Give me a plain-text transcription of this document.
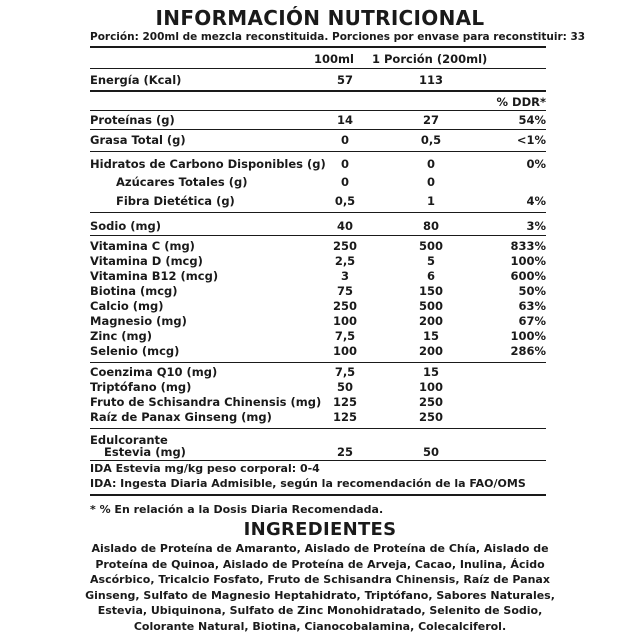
INFORMACIÓN NUTRICIONAL
Porción: 200ml de mezcla reconstituida. Porciones por envase para reconstituir: 33
100ml 1 Porción (200ml)
Energía (Kcal)	57	113
% DDR*
Proteínas (g)	14	27	54%
Grasa Total (g)	0	0,5	<1%
Hidratos de Carbono Disponibles (g)	0	0	0%
Azúcares Totales (g)	0	0
Fibra Dietética (g)	0,5	1	4%
Sodio (mg)	40	80	3%
Vitamina C (mg)	250	500	833%
Vitamina D (mcg)	2,5	5	100%
Vitamina B12 (mcg)	3	6	600%
Biotina (mcg)	75	150	50%
Calcio (mg)	250	500	63%
Magnesio (mg)	100	200	67%
Zinc (mg)	7,5	15	100%
Selenio (mcg)	100	200	286%
Coenzima Q10 (mg)	7,5	15
Triptófano (mg)	50	100
Fruto de Schisandra Chinensis (mg) 125	250
Raíz de Panax Ginseng (mg)	125	250
Edulcorante
Estevia (mg)	25	50
IDA Estevia mg/kg peso corporal: 0-4
IDA: Ingesta Diaria Admisible, según la recomendación de la FAO/OMS
* % En relación a la Dosis Diaria Recomendada.
INGREDIENTES
Aislado de Proteína de Amaranto, Aislado de Proteína de Chía, Aislado de Proteína de Quinoa, Aislado de Proteína de Arveja, Cacao, Inulina, Ácido Ascórbico, Tricalcio Fosfato, Fruto de Schisandra Chinensis, Raíz de Panax Ginseng, Sulfato de Magnesio Heptahidrato, Triptófano, Sabores Naturales, Estevia, Ubiquinona, Sulfato de Zinc Monohidratado, Selenito de Sodio, Colorante Natural, Biotina, Cianocobalamina, Colecalciferol.
